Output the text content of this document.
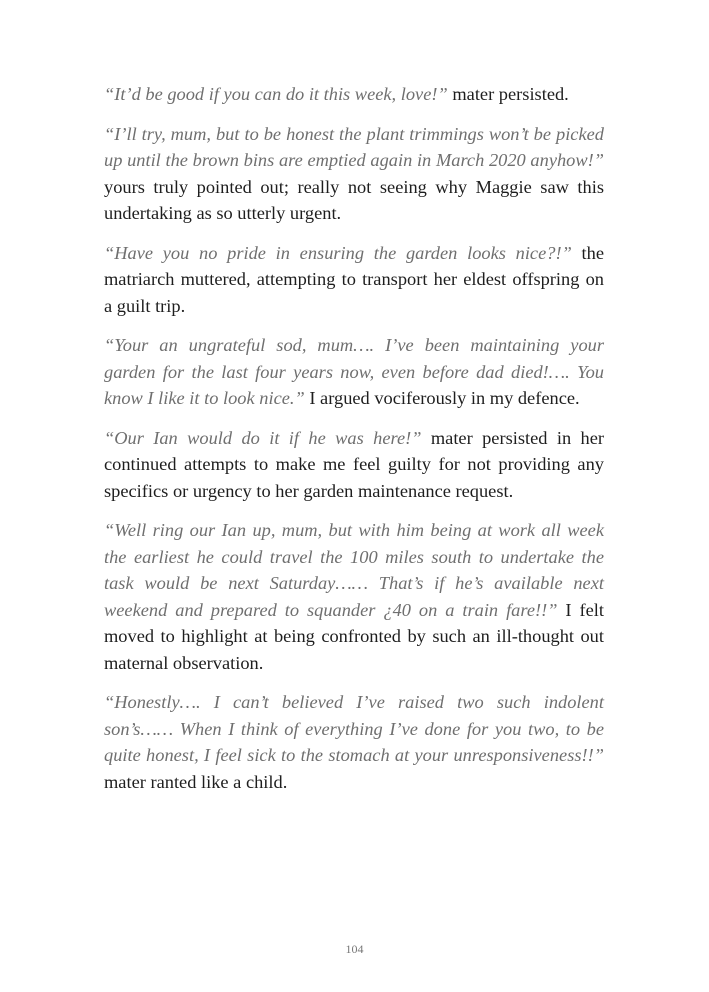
“It’d be good if you can do it this week, love!” mater persisted.

“I’ll try, mum, but to be honest the plant trimmings won’t be picked up until the brown bins are emptied again in March 2020 anyhow!” yours truly pointed out; really not seeing why Maggie saw this undertaking as so utterly urgent.

“Have you no pride in ensuring the garden looks nice?!” the matriarch muttered, attempting to transport her eldest offspring on a guilt trip.

“Your an ungrateful sod, mum…. I’ve been maintaining your garden for the last four years now, even before dad died!…. You know I like it to look nice.” I argued vociferously in my defence.

“Our Ian would do it if he was here!” mater persisted in her continued attempts to make me feel guilty for not providing any specifics or urgency to her garden maintenance request.

“Well ring our Ian up, mum, but with him being at work all week the earliest he could travel the 100 miles south to undertake the task would be next Saturday…… That’s if he’s available next weekend and prepared to squander ¿40 on a train fare!!” I felt moved to highlight at being confronted by such an ill-thought out maternal observation.

“Honestly…. I can’t believed I’ve raised two such indolent son’s…… When I think of everything I’ve done for you two, to be quite honest, I feel sick to the stomach at your unresponsiveness!!” mater ranted like a child.

104
